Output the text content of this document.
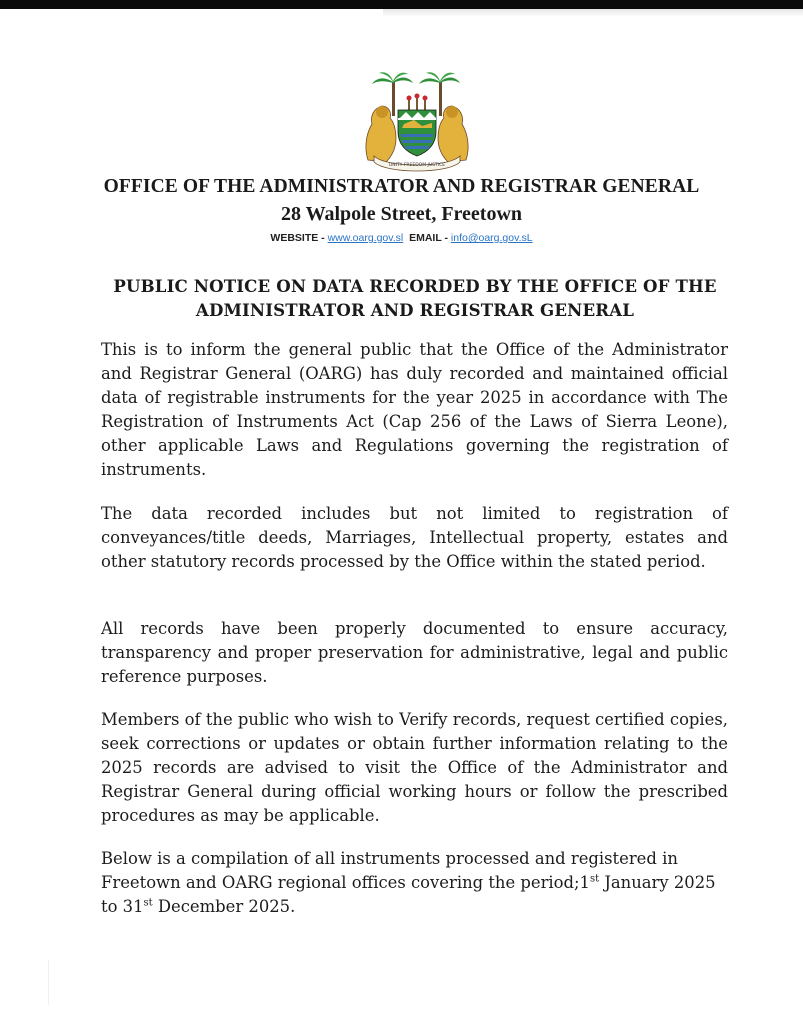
UNITY FREEDOM JUSTICE
OFFICE OF THE ADMINISTRATOR AND REGISTRAR GENERAL
28 Walpole Street, Freetown
WEBSITE - www.oarg.gov.sl EMAIL - info@oarg.gov.sL
PUBLIC NOTICE ON DATA RECORDED BY THE OFFICE OF THE
ADMINISTRATOR AND REGISTRAR GENERAL
This is to inform the general public that the Office of the Administrator and Registrar General (OARG) has duly recorded and maintained official data of registrable instruments for the year 2025 in accordance with The Registration of Instruments Act (Cap 256 of the Laws of Sierra Leone), other applicable Laws and Regulations governing the registration of instruments.
The data recorded includes but not limited to registration of conveyances/title deeds, Marriages, Intellectual property, estates and other statutory records processed by the Office within the stated period.
All records have been properly documented to ensure accuracy, transparency and proper preservation for administrative, legal and public reference purposes.
Members of the public who wish to Verify records, request certified copies, seek corrections or updates or obtain further information relating to the 2025 records are advised to visit the Office of the Administrator and Registrar General during official working hours or follow the prescribed procedures as may be applicable.
Below is a compilation of all instruments processed and registered in Freetown and OARG regional offices covering the period;1st January 2025 to 31st December 2025.
